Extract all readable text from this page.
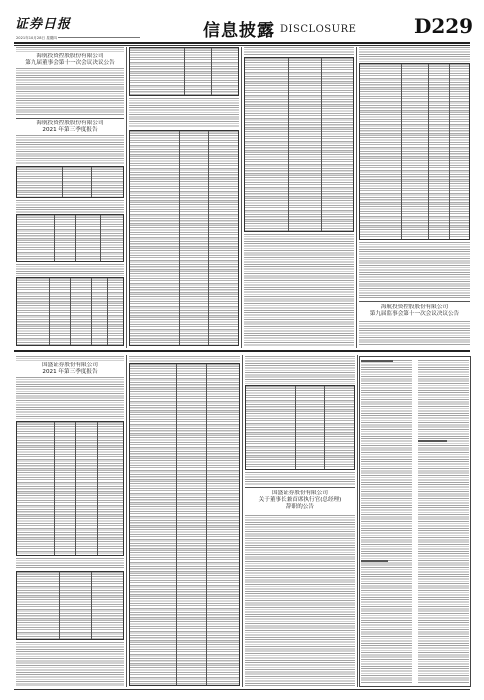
证券日报
2021年10月28日 星期四	信息披露 DISCLOSURE	D229
海航投资控股股份有限公司
第九届董事会第十一次会议决议公告
海航投资控股股份有限公司
2021 年第三季度报告
海航投资控股股份有限公司
第九届监事会第十一次会议决议公告
国盛证券股份有限公司
2021 年第三季度报告
国盛证券股份有限公司
关于董事长兼首席执行官(总经理)
辞职的公告
